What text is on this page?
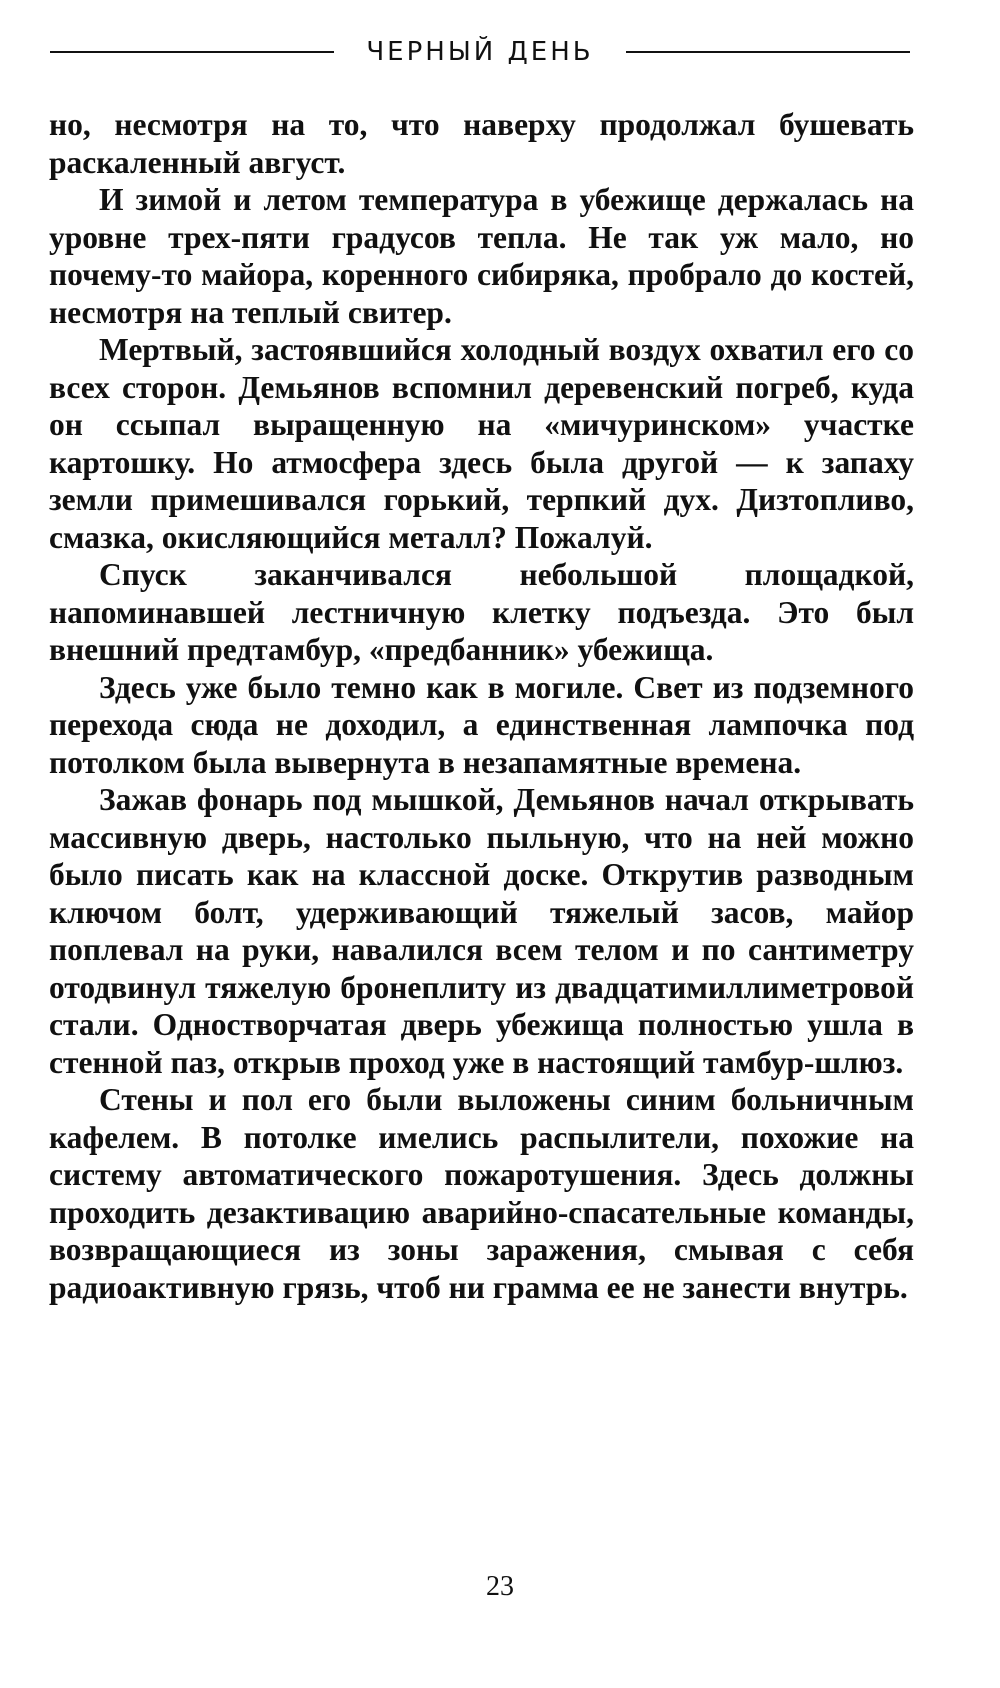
ЧЕРНЫЙ ДЕНЬ

но, несмотря на то, что наверху продолжал бушевать раскаленный август.

И зимой и летом температура в убежище держалась на уровне трех-пяти градусов тепла. Не так уж мало, но почему-то майора, коренного сибиряка, пробрало до костей, несмотря на теплый свитер.

Мертвый, застоявшийся холодный воздух охватил его со всех сторон. Демьянов вспомнил деревенский погреб, куда он ссыпал выращенную на «мичуринском» участке картошку. Но атмосфера здесь была другой — к запаху земли примешивался горький, терпкий дух. Дизтопливо, смазка, окисляющийся металл? Пожалуй.

Спуск заканчивался небольшой площадкой, напоминавшей лестничную клетку подъезда. Это был внешний предтамбур, «предбанник» убежища.

Здесь уже было темно как в могиле. Свет из подземного перехода сюда не доходил, а единственная лампочка под потолком была вывернута в незапамятные времена.

Зажав фонарь под мышкой, Демьянов начал открывать массивную дверь, настолько пыльную, что на ней можно было писать как на классной доске. Открутив разводным ключом болт, удерживающий тяжелый засов, майор поплевал на руки, навалился всем телом и по сантиметру отодвинул тяжелую бронеплиту из двадцатимиллиметровой стали. Одностворчатая дверь убежища полностью ушла в стенной паз, открыв проход уже в настоящий тамбур-шлюз.

Стены и пол его были выложены синим больничным кафелем. В потолке имелись распылители, похожие на систему автоматического пожаротушения. Здесь должны проходить дезактивацию аварийно-спасательные команды, возвращающиеся из зоны заражения, смывая с себя радиоактивную грязь, чтоб ни грамма ее не занести внутрь.

23
